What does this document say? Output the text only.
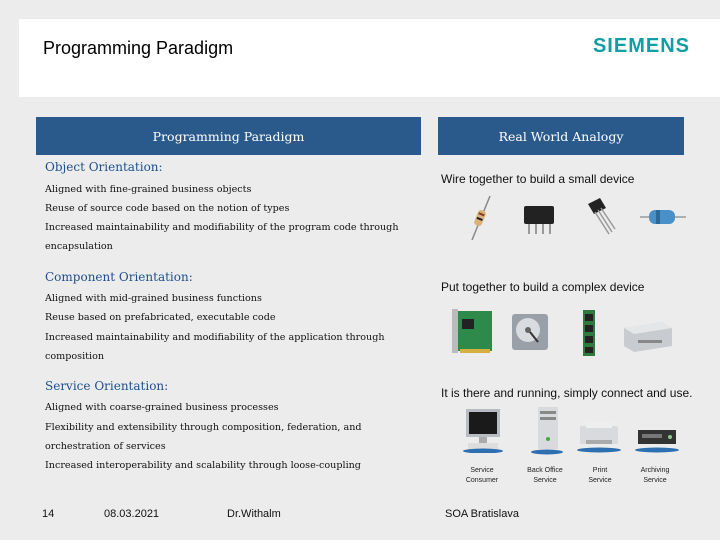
Programming Paradigm	SIEMENS
Programming Paradigm	Real World Analogy
Object Orientation:
Aligned with fine-grained business objects
Reuse of source code based on the notion of types
Increased maintainability and modifiability of the program code through
encapsulation
Component Orientation:
Aligned with mid-grained business functions
Reuse based on prefabricated, executable code
Increased maintainability and modifiability of the application through
composition
Service Orientation:
Aligned with coarse-grained business processes
Flexibility and extensibility through composition, federation, and
orchestration of services
Increased interoperability and scalability through loose-coupling
Wire together to build a small device
Put together to build a complex device
It is there and running, simply connect and use.
Service
Consumer
Back Office
Service
Print
Service
Archiving
Service
14	08.03.2021	Dr.Withalm	SOA Bratislava
